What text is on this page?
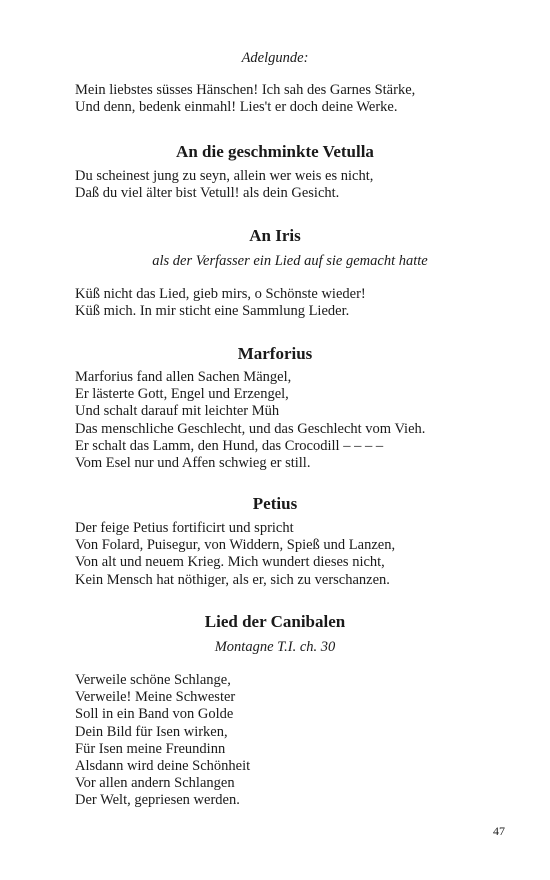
Adelgunde:
Mein liebstes süsses Hänschen! Ich sah des Garnes Stärke,
Und denn, bedenk einmahl! Lies't er doch deine Werke.
An die geschminkte Vetulla
Du scheinest jung zu seyn, allein wer weis es nicht,
Daß du viel älter bist Vetull! als dein Gesicht.
An Iris
als der Verfasser ein Lied auf sie gemacht hatte
Küß nicht das Lied, gieb mirs, o Schönste wieder!
Küß mich. In mir sticht eine Sammlung Lieder.
Marforius
Marforius fand allen Sachen Mängel,
Er lästerte Gott, Engel und Erzengel,
Und schalt darauf mit leichter Müh
Das menschliche Geschlecht, und das Geschlecht vom Vieh.
Er schalt das Lamm, den Hund, das Crocodill – – – –
Vom Esel nur und Affen schwieg er still.
Petius
Der feige Petius fortificirt und spricht
Von Folard, Puisegur, von Widdern, Spieß und Lanzen,
Von alt und neuem Krieg. Mich wundert dieses nicht,
Kein Mensch hat nöthiger, als er, sich zu verschanzen.
Lied der Canibalen
Montagne T.I. ch. 30
Verweile schöne Schlange,
Verweile! Meine Schwester
Soll in ein Band von Golde
Dein Bild für Isen wirken,
Für Isen meine Freundinn
Alsdann wird deine Schönheit
Vor allen andern Schlangen
Der Welt, gepriesen werden.
47
